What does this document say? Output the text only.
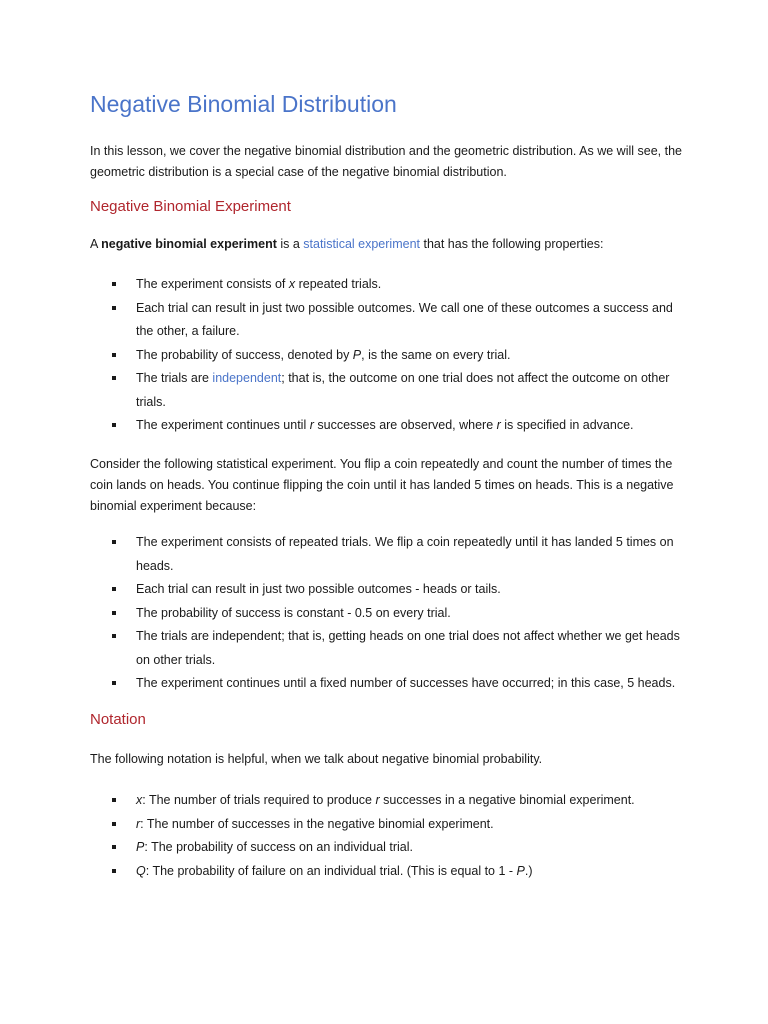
Negative Binomial Distribution

In this lesson, we cover the negative binomial distribution and the geometric distribution. As we will see, the geometric distribution is a special case of the negative binomial distribution.

Negative Binomial Experiment

A negative binomial experiment is a statistical experiment that has the following properties:

The experiment consists of x repeated trials.
Each trial can result in just two possible outcomes. We call one of these outcomes a success and the other, a failure.
The probability of success, denoted by P, is the same on every trial.
The trials are independent; that is, the outcome on one trial does not affect the outcome on other trials.
The experiment continues until r successes are observed, where r is specified in advance.

Consider the following statistical experiment. You flip a coin repeatedly and count the number of times the coin lands on heads. You continue flipping the coin until it has landed 5 times on heads. This is a negative binomial experiment because:

The experiment consists of repeated trials. We flip a coin repeatedly until it has landed 5 times on heads.
Each trial can result in just two possible outcomes - heads or tails.
The probability of success is constant - 0.5 on every trial.
The trials are independent; that is, getting heads on one trial does not affect whether we get heads on other trials.
The experiment continues until a fixed number of successes have occurred; in this case, 5 heads.
Notation

The following notation is helpful, when we talk about negative binomial probability.

x: The number of trials required to produce r successes in a negative binomial experiment.
r: The number of successes in the negative binomial experiment.
P: The probability of success on an individual trial.
Q: The probability of failure on an individual trial. (This is equal to 1 - P.)
